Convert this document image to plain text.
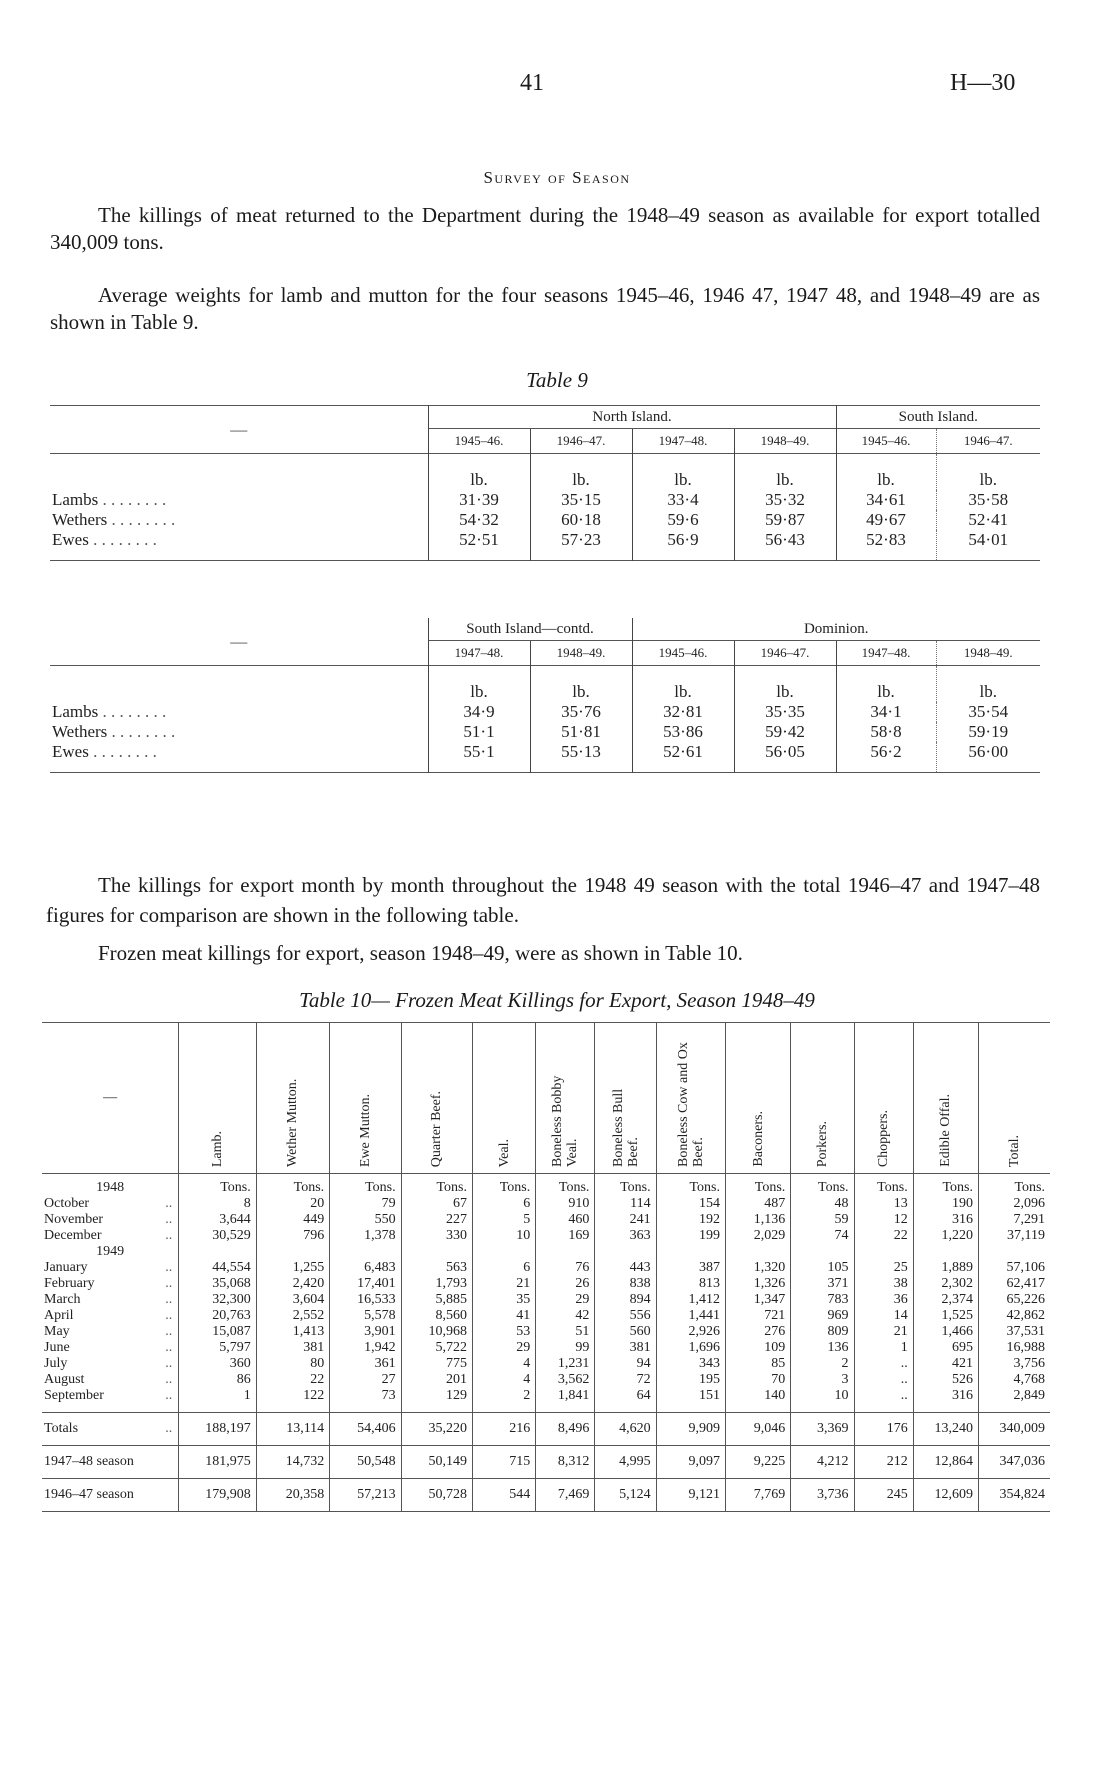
41	H—30
Survey of Season
The killings of meat returned to the Department during the 1948–49 season as available for export totalled 340,009 tons.
Average weights for lamb and mutton for the four seasons 1945–46, 1946 47, 1947 48, and 1948–49 are as shown in Table 9.
Table 9
—	North Island.				South Island.	
	1945–46.	1946–47.	1947–48.	1948–49.	1945–46.	1946–47.
	lb.	lb.	lb.	lb.	lb.	lb.
Lambs . . . . . . . .	31·39	35·15	33·4	35·32	34·61	35·58
Wethers . . . . . . . .	54·32	60·18	59·6	59·87	49·67	52·41
Ewes . . . . . . . .	52·51	57·23	56·9	56·43	52·83	54·01
—	South Island—contd.		Dominion.			
	1947–48.	1948–49.	1945–46.	1946–47.	1947–48.	1948–49.
	lb.	lb.	lb.	lb.	lb.	lb.
Lambs . . . . . . . .	34·9	35·76	32·81	35·35	34·1	35·54
Wethers . . . . . . . .	51·1	51·81	53·86	59·42	58·8	59·19
Ewes . . . . . . . .	55·1	55·13	52·61	56·05	56·2	56·00
The killings for export month by month throughout the 1948 49 season with the total 1946–47 and 1947–48 figures for comparison are shown in the following table.
Frozen meat killings for export, season 1948–49, were as shown in Table 10.
Table 10— Frozen Meat Killings for Export, Season 1948–49
—	Lamb.	Wether Mutton.	Ewe Mutton.	Quarter Beef.	Veal.	Boneless Bobby Veal.	Boneless Bull Beef.	Boneless Cow and Ox Beef.	Baconers.	Porkers.	Choppers.	Edible Offal.	Total.

1948	Tons.	Tons.	Tons.	Tons.	Tons.	Tons.	Tons.	Tons.	Tons.	Tons.	Tons.	Tons.	Tons.
October ..	8	20	79	67	6	910	114	154	487	48	13	190	2,096
November ..	3,644	449	550	227	5	460	241	192	1,136	59	12	316	7,291
December ..	30,529	796	1,378	330	10	169	363	199	2,029	74	22	1,220	37,119
1949													
January ..	44,554	1,255	6,483	563	6	76	443	387	1,320	105	25	1,889	57,106
February ..	35,068	2,420	17,401	1,793	21	26	838	813	1,326	371	38	2,302	62,417
March ..	32,300	3,604	16,533	5,885	35	29	894	1,412	1,347	783	36	2,374	65,226
April ..	20,763	2,552	5,578	8,560	41	42	556	1,441	721	969	14	1,525	42,862
May ..	15,087	1,413	3,901	10,968	53	51	560	2,926	276	809	21	1,466	37,531
June ..	5,797	381	1,942	5,722	29	99	381	1,696	109	136	1	695	16,988
July ..	360	80	361	775	4	1,231	94	343	85	2	..	421	3,756
August ..	86	22	27	201	4	3,562	72	195	70	3	..	526	4,768
September ..	1	122	73	129	2	1,841	64	151	140	10	..	316	2,849
Totals ..	188,197	13,114	54,406	35,220	216	8,496	4,620	9,909	9,046	3,369	176	13,240	340,009
1947–48 season	181,975	14,732	50,548	50,149	715	8,312	4,995	9,097	9,225	4,212	212	12,864	347,036
1946–47 season	179,908	20,358	57,213	50,728	544	7,469	5,124	9,121	7,769	3,736	245	12,609	354,824
